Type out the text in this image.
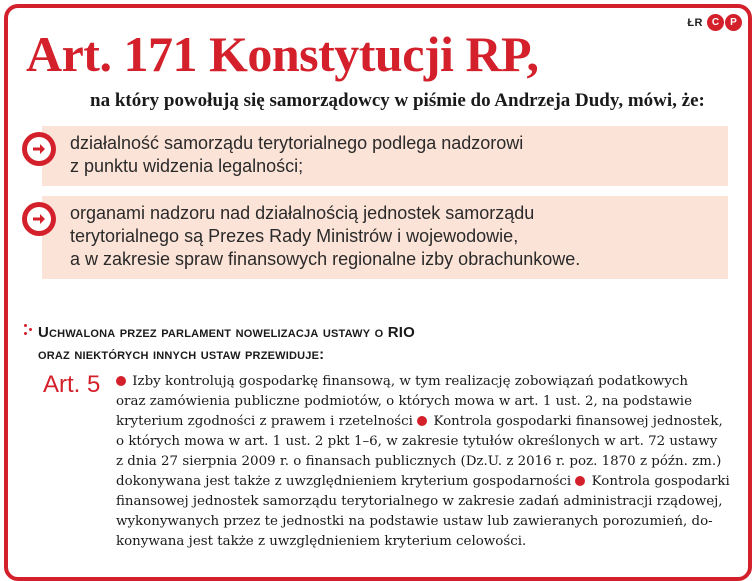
ŁR C	P
Art. 171 Konstytucji RP,
na który powołują się samorządowcy w piśmie do Andrzeja Dudy, mówi, że:
działalność samorządu terytorialnego podlega nadzorowi
z punktu widzenia legalności;
organami nadzoru nad działalnością jednostek samorządu
terytorialnego są Prezes Rady Ministrów i wojewodowie,
a w zakresie spraw finansowych regionalne izby obrachunkowe.
Uchwalona przez parlament nowelizacja ustawy o RIO
oraz niektórych innych ustaw przewiduje:
Art. 5	Izby kontrolują gospodarkę finansową, w tym realizację zobowiązań podatkowych
oraz zamówienia publiczne podmiotów, o których mowa w art. 1 ust. 2, na podstawie
kryterium zgodności z prawem i rzetelności  Kontrola gospodarki finansowej jednostek,
o których mowa w art. 1 ust. 2 pkt 1–6, w zakresie tytułów określonych w art. 72 ustawy
z dnia 27 sierpnia 2009 r. o finansach publicznych (Dz.U. z 2016 r. poz. 1870 z późn. zm.)
dokonywana jest także z uwzględnieniem kryterium gospodarności  Kontrola gospodarki
finansowej jednostek samorządu terytorialnego w zakresie zadań administracji rządowej,
wykonywanych przez te jednostki na podstawie ustaw lub zawieranych porozumień, do-
konywana jest także z uwzględnieniem kryterium celowości.
